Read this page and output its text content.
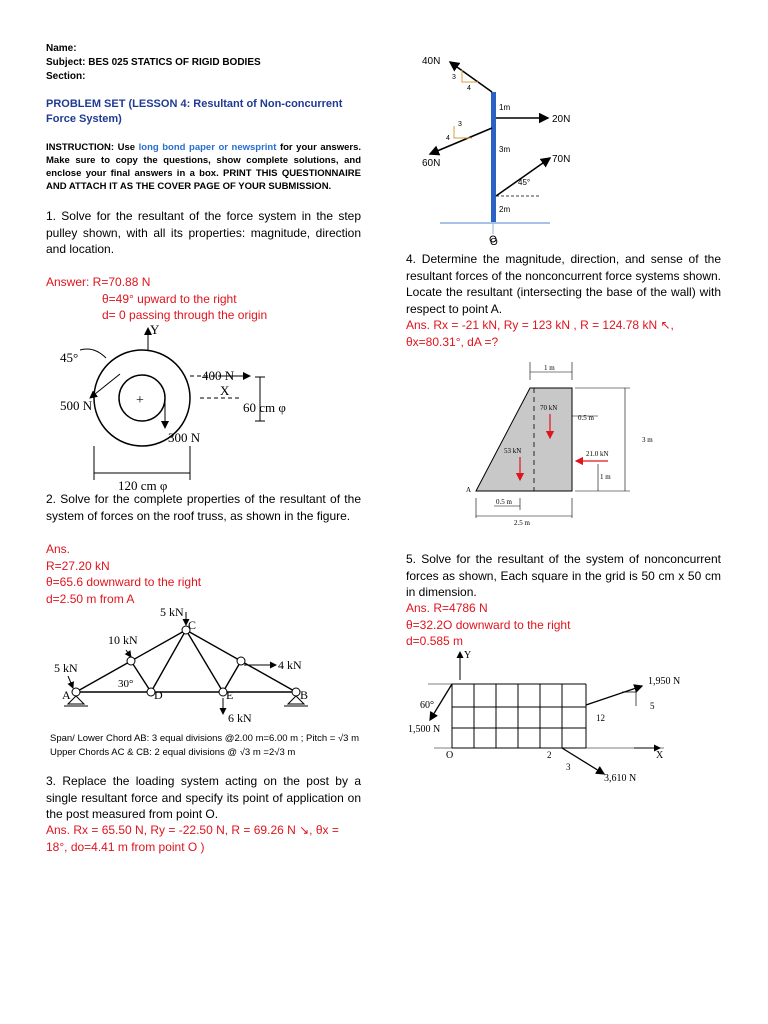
Name:
Subject: BES 025 STATICS OF RIGID BODIES
Section:
PROBLEM SET (LESSON 4: Resultant of Non-concurrent
Force System)
INSTRUCTION: Use long bond paper or newsprint for your answers. Make sure to copy the questions, show complete solutions, and enclose your final answers in a box. PRINT THIS QUESTIONNAIRE AND ATTACH IT AS THE COVER PAGE OF YOUR SUBMISSION.
1. Solve for the resultant of the force system in the step pulley shown, with all its properties: magnitude, direction and location.
Answer: R=70.88 N
θ=49° upward to the right
d= 0 passing through the origin
Y
+
400 N
X
500 N
45°
300 N
60 cm φ
120 cm φ
2. Solve for the complete properties of the resultant of the system of forces on the roof truss, as shown in the figure.
Ans.
R=27.20 kN
θ=65.6 downward to the right
d=2.50 m from A
5 kN
C
10 kN
5 kN
30°
4 kN
A	D	E	B
6 kN
Span/ Lower Chord AB: 3 equal divisions @2.00 m=6.00 m ; Pitch = √3 m
Upper Chords AC & CB: 2 equal divisions @ √3 m =2√3 m
3. Replace the loading system acting on the post by a single resultant force and specify its point of application on the post measured from point O.
Ans. Rx = 65.50 N, Ry = -22.50 N, R = 69.26 N ↘, θx =
18°, do=4.41 m from point O )
40N
3
4
20N
60N
3
4
70N
45°
1m
3m
2m
O
4. Determine the magnitude, direction, and sense of the resultant forces of the nonconcurrent force systems shown. Locate the resultant (intersecting the base of the wall) with respect to point A.
Ans. Rx = -21 kN, Ry = 123 kN , R = 124.78 kN ↖,
θx=80.31°, dA =?
1 m
70 kN
0.5 m
53 kN	21.0 kN
1 m
3 m
A
0.5 m
2.5 m
5. Solve for the resultant of the system of nonconcurrent forces as shown, Each square in the grid is 50 cm x 50 cm in dimension.
Ans. R=4786 N
θ=32.2O downward to the right
d=0.585 m
Y
60°
1,500 N
1,950 N
5
12
X
O
3,610 N
2
3
